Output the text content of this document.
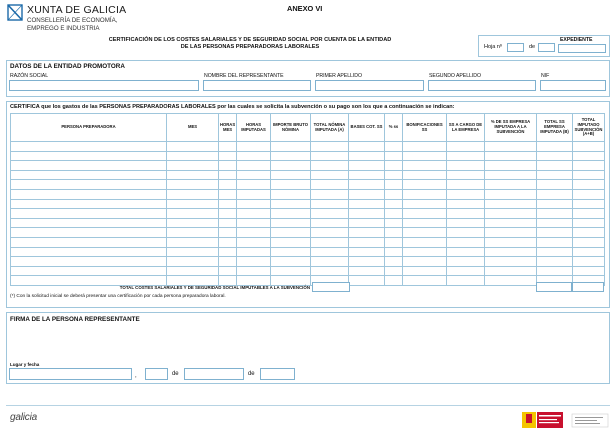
XUNTA DE GALICIA
CONSELLERÍA DE ECONOMÍA,
EMPREGO E INDUSTRIA
ANEXO VI
CERTIFICACIÓN DE LOS COSTES SALARIALES Y DE SEGURIDAD SOCIAL POR CUENTA DE LA ENTIDAD
DE LAS PERSONAS PREPARADORAS LABORALES
EXPEDIENTE
Hoja nº	de
DATOS DE LA ENTIDAD PROMOTORA
RAZÓN SOCIAL	NOMBRE DEL REPRESENTANTE	PRIMER APELLIDO	SEGUNDO APELLIDO	NIF
CERTIFICA que los gastos de las PERSONAS PREPARADORAS LABORALES por las cuales se solicita la subvención o su pago son los que a continuación se indican:
PERSONA PREPARADORA	MES	HORAS MES	HORAS IMPUTADAS	IMPORTE BRUTO NÓMINA	TOTAL NÓMINA IMPUTADA (A)	BASES COT. SS	% ss	BONIFICACIONES SS	SS A CARGO DE LA EMPRESA	% DE SS EMPRESA IMPUTADA A LA SUBVENCIÓN	TOTAL SS EMPRESA IMPUTADA (B)	TOTAL IMPUTADO SUBVENCIÓN (A+B)

TOTAL COSTES SALARIALES Y DE SEGURIDAD SOCIAL IMPUTABLES A LA SUBVENCIÓN
(*) Con la solicitud inicial se deberá presentar una certificación por cada persona preparadora laboral.
FIRMA DE LA PERSONA REPRESENTANTE
Lugar y fecha
,	de	de
galicia
